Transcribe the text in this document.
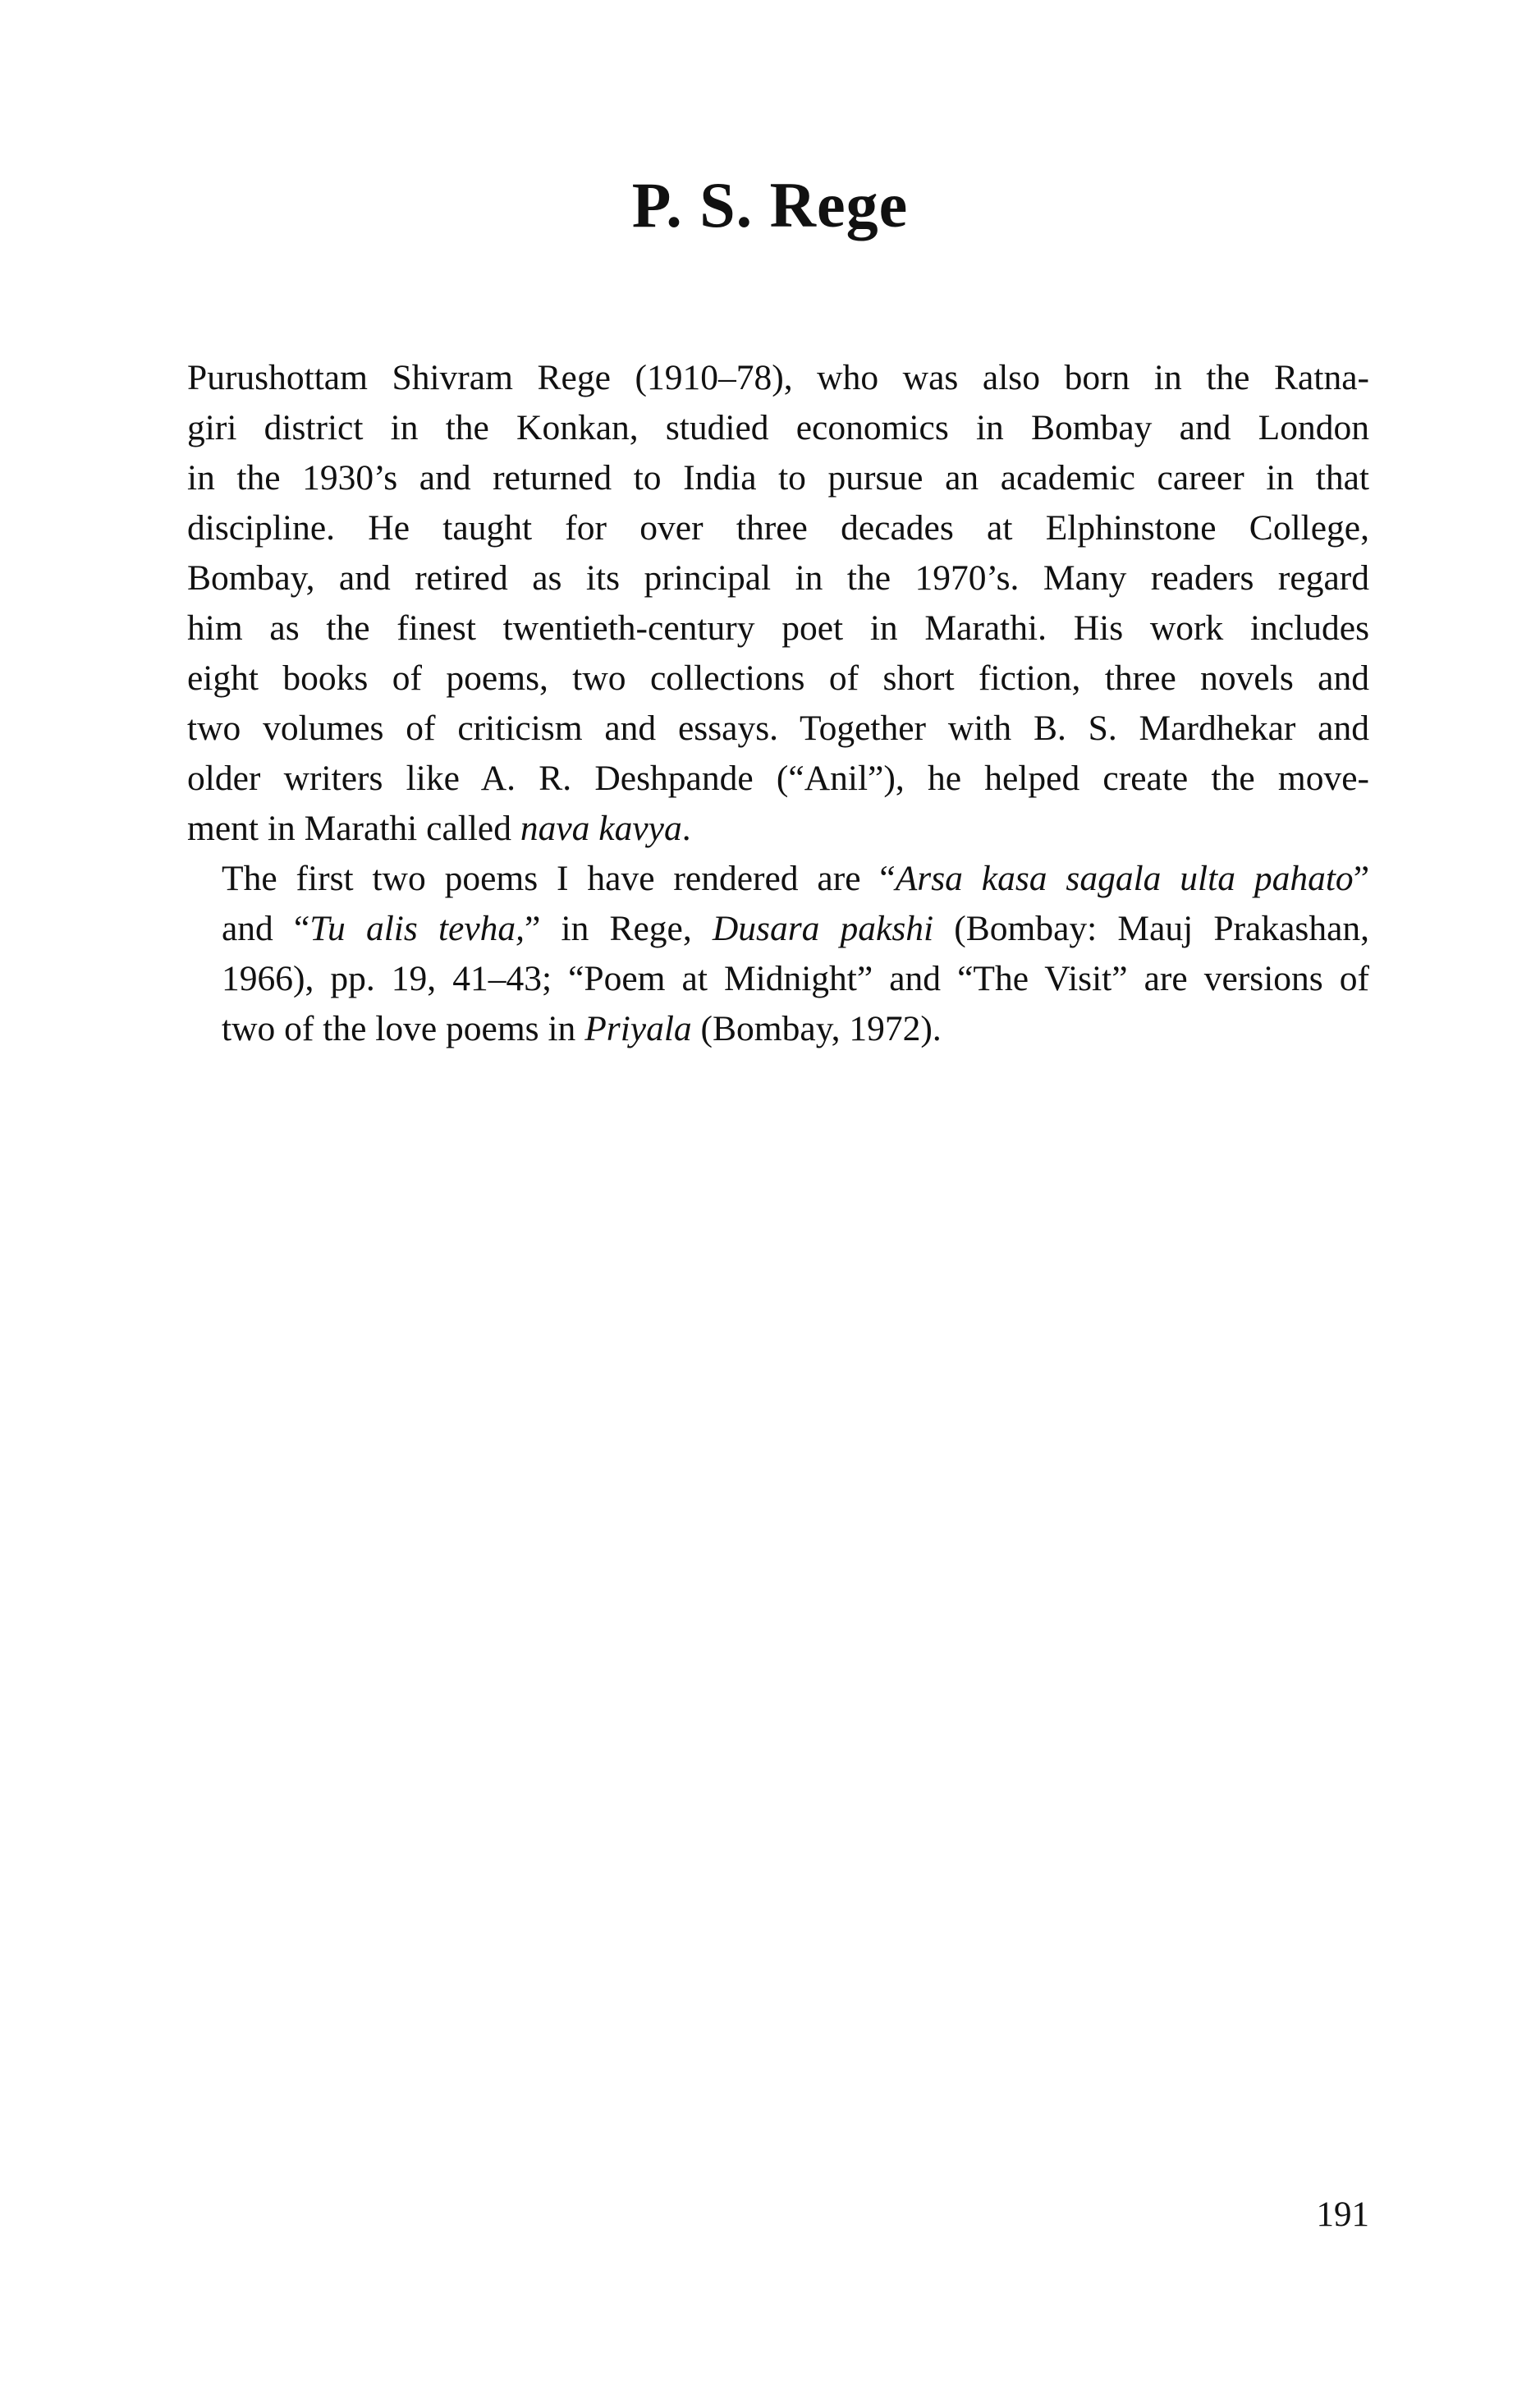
P. S. Rege

Purushottam Shivram Rege (1910–78), who was also born in the Ratna-
giri district in the Konkan, studied economics in Bombay and London
in the 1930’s and returned to India to pursue an academic career in that
discipline. He taught for over three decades at Elphinstone College,
Bombay, and retired as its principal in the 1970’s. Many readers regard
him as the finest twentieth-century poet in Marathi. His work includes
eight books of poems, two collections of short fiction, three novels and
two volumes of criticism and essays. Together with B. S. Mardhekar and
older writers like A. R. Deshpande (“Anil”), he helped create the move-
ment in Marathi called nava kavya.

The first two poems I have rendered are “Arsa kasa sagala ulta pahato”
and “Tu alis tevha,” in Rege, Dusara pakshi (Bombay: Mauj Prakashan,
1966), pp. 19, 41–43; “Poem at Midnight” and “The Visit” are versions of
two of the love poems in Priyala (Bombay, 1972).

191
